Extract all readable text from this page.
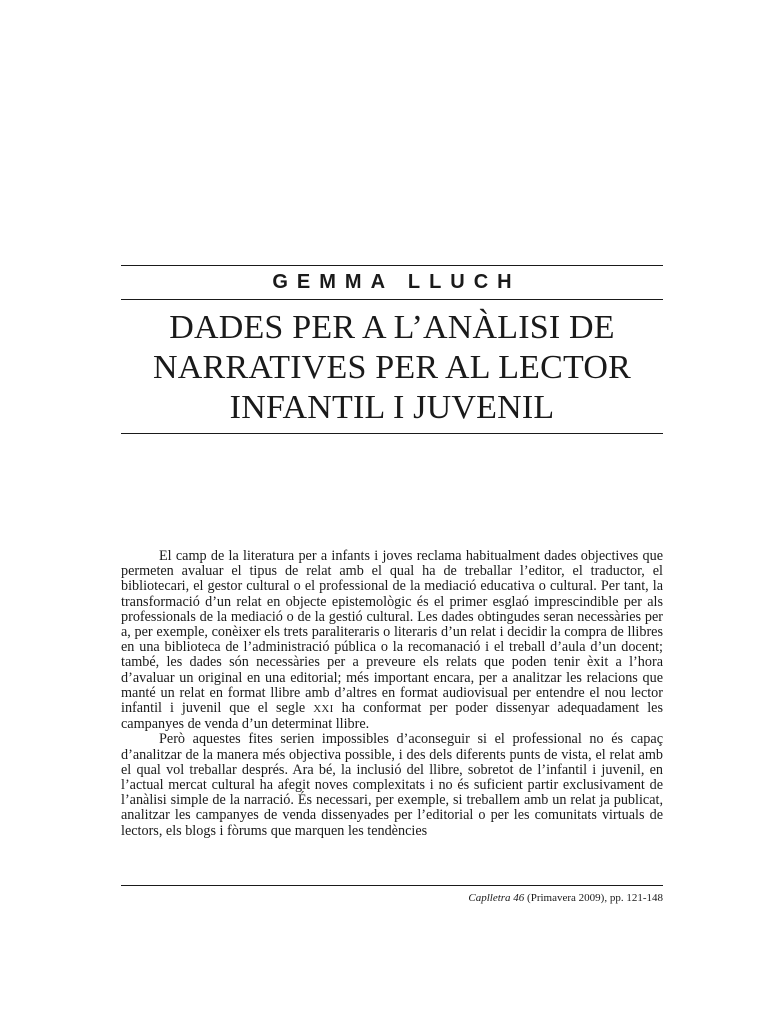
GEMMA LLUCH
DADES PER A L’ANÀLISI DE
NARRATIVES PER AL LECTOR
INFANTIL I JUVENIL

El camp de la literatura per a infants i joves reclama habitualment dades objectives que permeten avaluar el tipus de relat amb el qual ha de treballar l’editor, el traductor, el bibliotecari, el gestor cultural o el professional de la mediació educativa o cultural. Per tant, la transformació d’un relat en objecte epistemològic és el primer esglaó imprescindible per als professionals de la mediació o de la gestió cultural. Les dades obtingudes seran necessàries per a, per exemple, conèixer els trets paraliteraris o literaris d’un relat i decidir la compra de llibres en una biblioteca de l’administració pública o la recomanació i el treball d’aula d’un docent; també, les dades són necessàries per a preveure els relats que poden tenir èxit a l’hora d’avaluar un original en una editorial; més important encara, per a analitzar les relacions que manté un relat en format llibre amb d’altres en format audiovisual per entendre el nou lector infantil i juvenil que el segle XXI ha conformat per poder dissenyar adequadament les campanyes de venda d’un determinat llibre.

Però aquestes fites serien impossibles d’aconseguir si el professional no és capaç d’analitzar de la manera més objectiva possible, i des dels diferents punts de vista, el relat amb el qual vol treballar després. Ara bé, la inclusió del llibre, sobretot de l’infantil i juvenil, en l’actual mercat cultural ha afegit noves complexitats i no és suficient partir exclusivament de l’anàlisi simple de la narració. És necessari, per exemple, si treballem amb un relat ja publicat, analitzar les campanyes de venda dissenyades per l’editorial o per les comunitats virtuals de lectors, els blogs i fòrums que marquen les tendències

Caplletra 46 (Primavera 2009), pp. 121-148
